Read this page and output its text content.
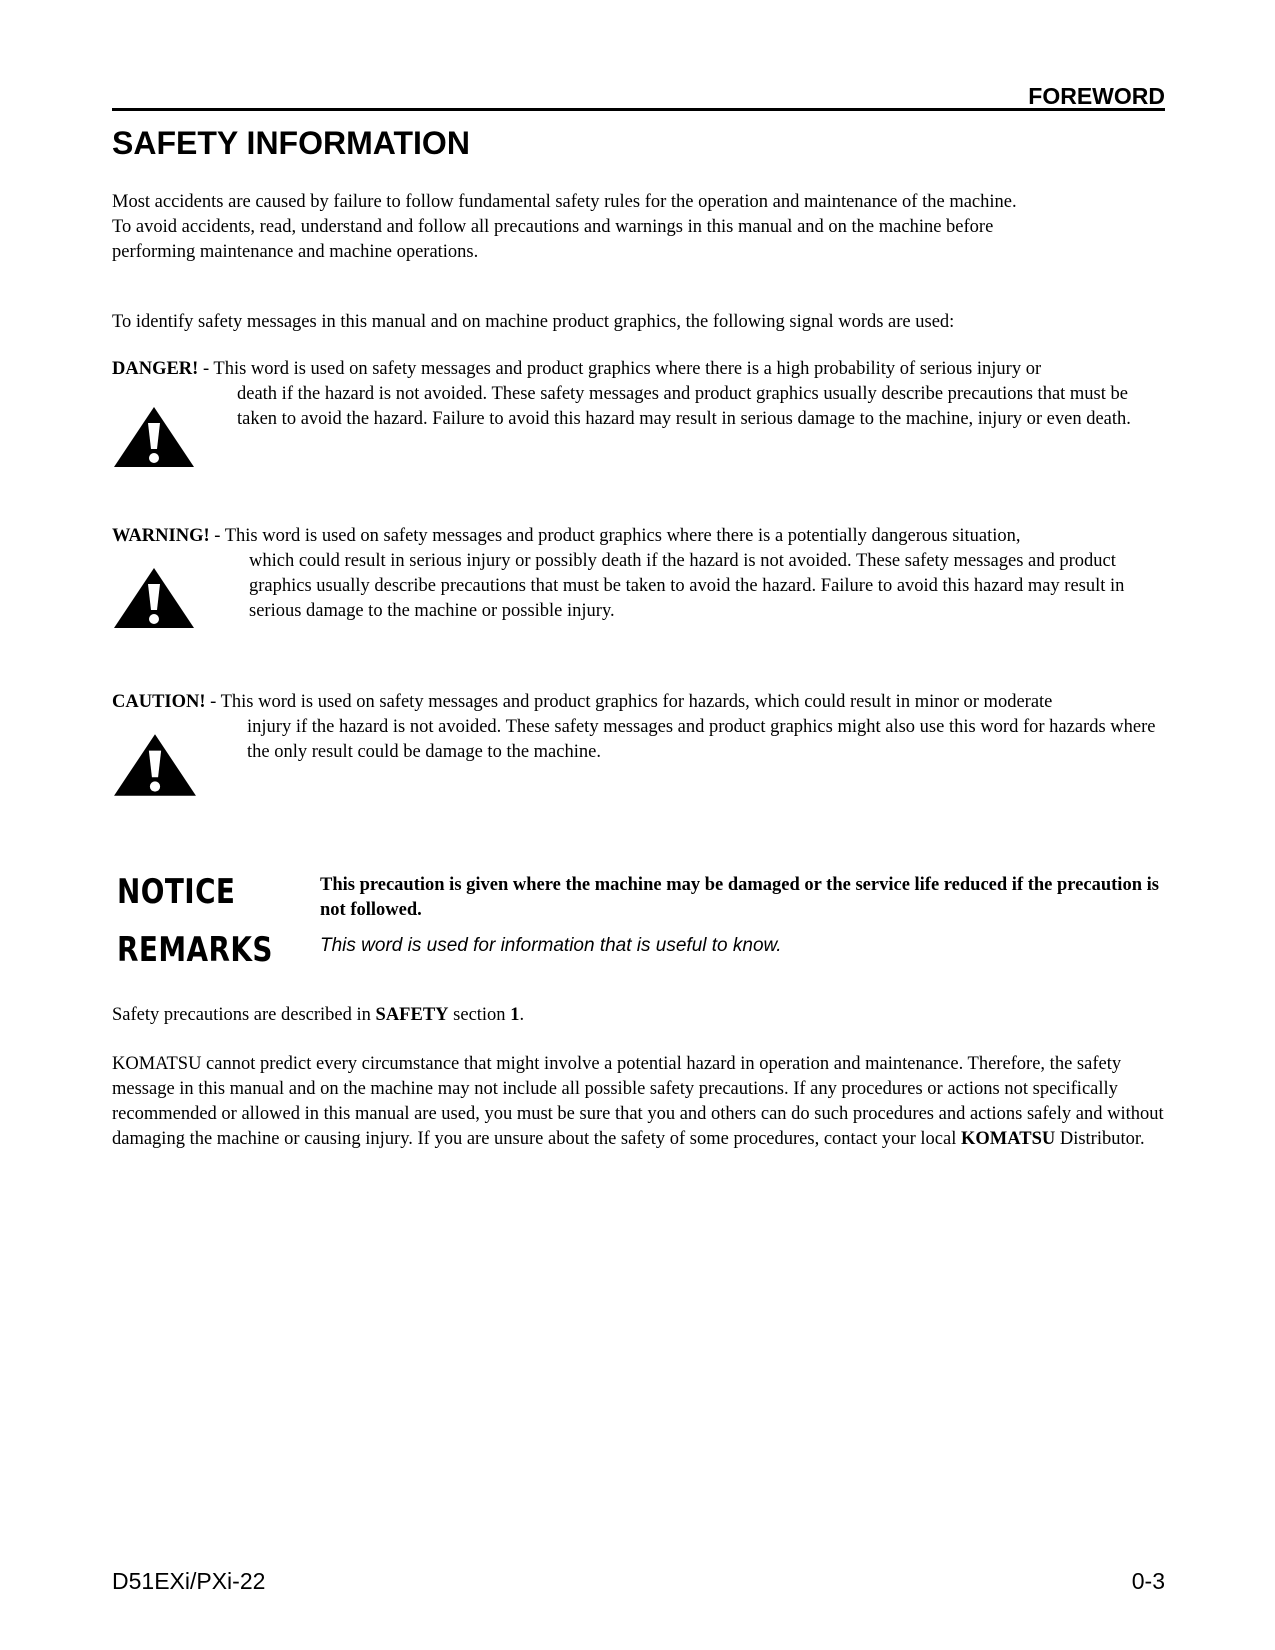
FOREWORD
SAFETY INFORMATION
Most accidents are caused by failure to follow fundamental safety rules for the operation and maintenance of the machine.
To avoid accidents, read, understand and follow all precautions and warnings in this manual and on the machine before performing maintenance and machine operations.

To identify safety messages in this manual and on machine product graphics, the following signal words are used:

DANGER! - This word is used on safety messages and product graphics where there is a high probability of serious injury or

death if the hazard is not avoided. These safety messages and product graphics usually describe precautions that must be taken to avoid the hazard. Failure to avoid this hazard may result in serious damage to the machine, injury or even death.

WARNING! - This word is used on safety messages and product graphics where there is a potentially dangerous situation,

which could result in serious injury or possibly death if the hazard is not avoided. These safety messages and product graphics usually describe precautions that must be taken to avoid the hazard. Failure to avoid this hazard may result in serious damage to the machine or possible injury.

CAUTION! - This word is used on safety messages and product graphics for hazards, which could result in minor or moderate

injury if the hazard is not avoided. These safety messages and product graphics might also use this word for hazards where the only result could be damage to the machine.

NOTICE	This precaution is given where the machine may be damaged or the service life reduced if the precaution is not followed.

REMARKS This word is used for information that is useful to know.

Safety precautions are described in SAFETY section 1.

KOMATSU cannot predict every circumstance that might involve a potential hazard in operation and maintenance. Therefore, the safety message in this manual and on the machine may not include all possible safety precautions. If any procedures or actions not specifically recommended or allowed in this manual are used, you must be sure that you and others can do such procedures and actions safely and without damaging the machine or causing injury. If you are unsure about the safety of some procedures, contact your local KOMATSU Distributor.

D51EXi/PXi-22	0-3
